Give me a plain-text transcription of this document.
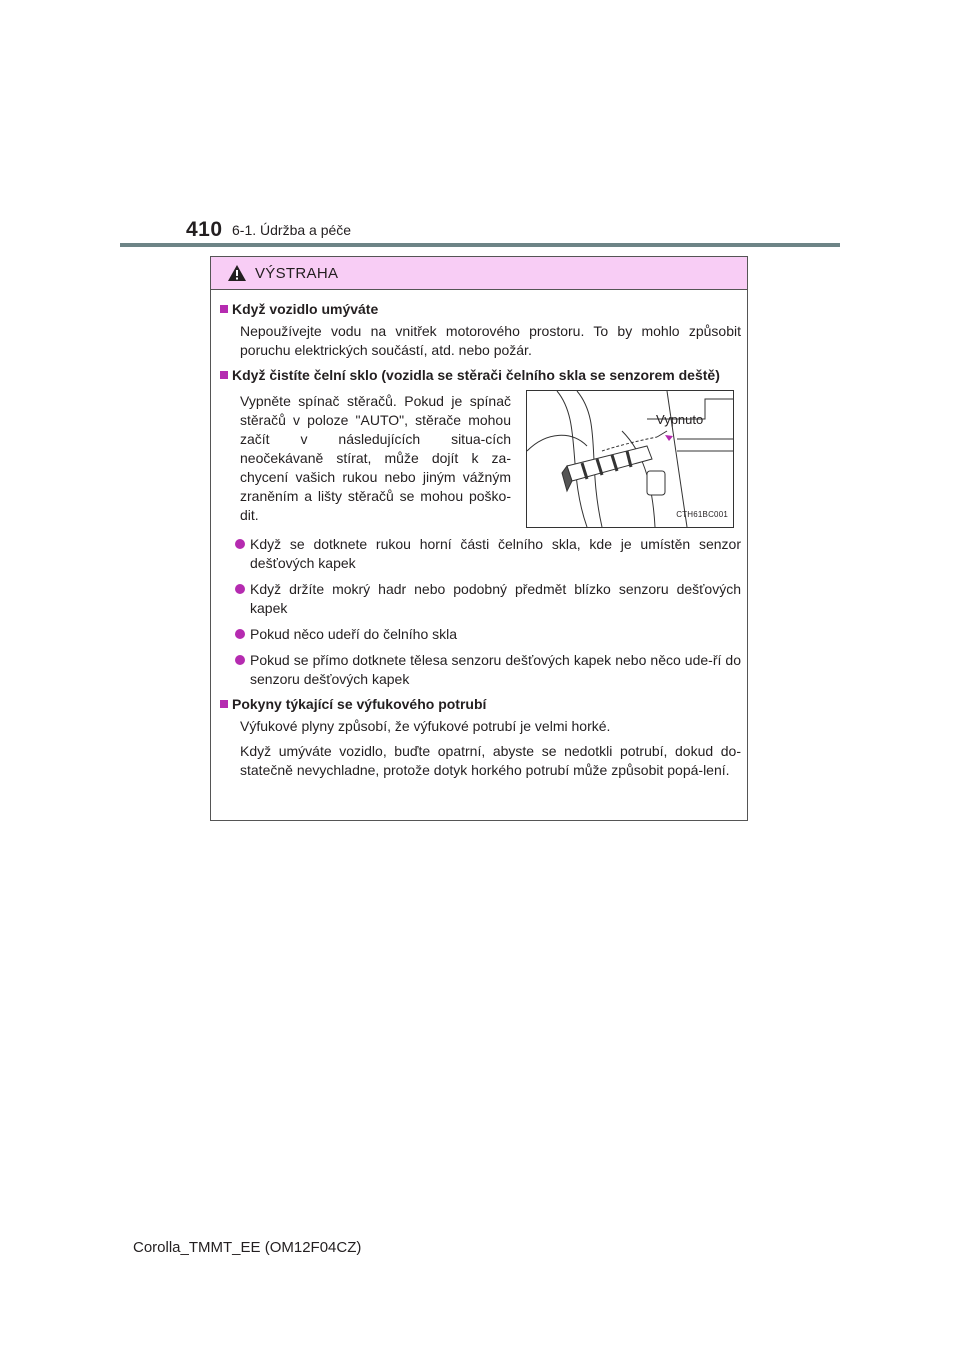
410 6-1. Údržba a péče
VÝSTRAHA
Když vozidlo umýváte
Nepoužívejte vodu na vnitřek motorového prostoru. To by mohlo způsobit poruchu elektrických součástí, atd. nebo požár.
Když čistíte čelní sklo (vozidla se stěrači čelního skla se senzorem deště)
Vypněte spínač stěračů. Pokud je spínač stěračů v poloze "AUTO", stěrače mohou začít v následujících situa-cích neočekávaně stírat, může dojít k za-chycení vašich rukou nebo jiným vážným zraněním a lišty stěračů se mohou poško-dit.
Vypnuto
CTH61BC001
Když se dotknete rukou horní části čelního skla, kde je umístěn senzor dešťových kapek
Když držíte mokrý hadr nebo podobný předmět blízko senzoru dešťových kapek
Pokud něco udeří do čelního skla
Pokud se přímo dotknete tělesa senzoru dešťových kapek nebo něco ude-ří do senzoru dešťových kapek
Pokyny týkající se výfukového potrubí
Výfukové plyny způsobí, že výfukové potrubí je velmi horké.
Když umýváte vozidlo, buďte opatrní, abyste se nedotkli potrubí, dokud do-statečně nevychladne, protože dotyk horkého potrubí může způsobit popá-lení.
Corolla_TMMT_EE (OM12F04CZ)
